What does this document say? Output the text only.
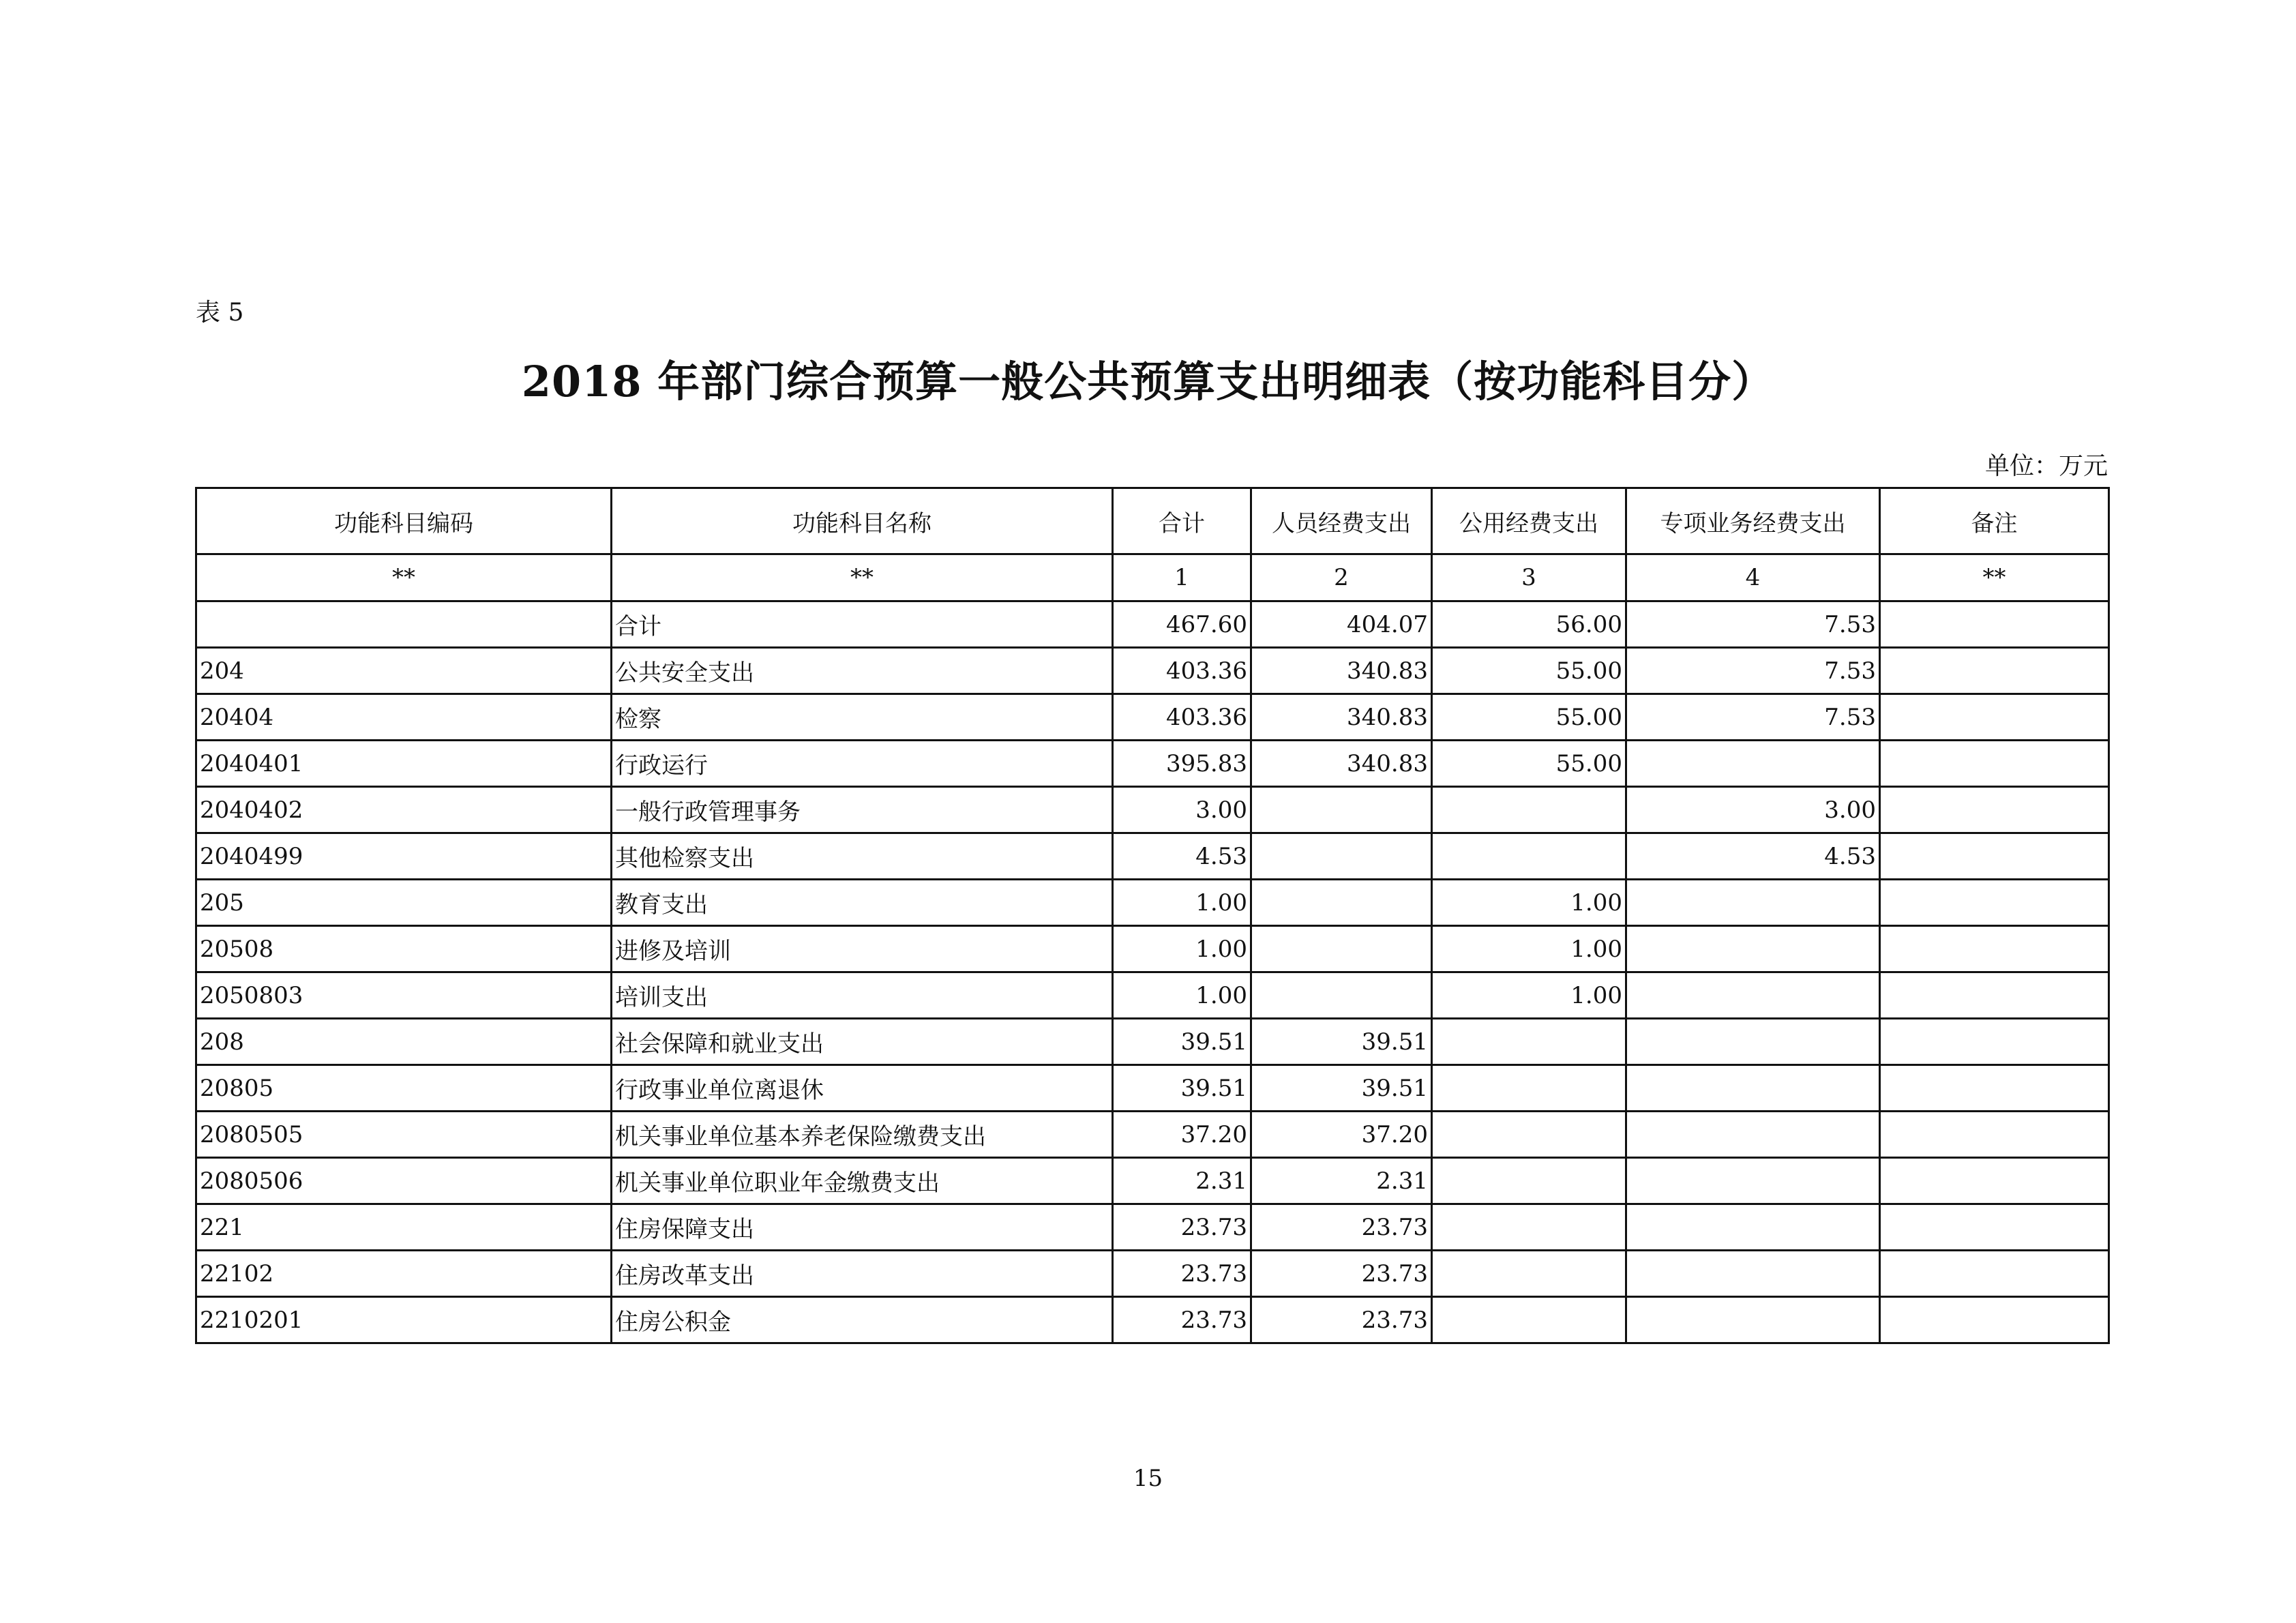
表 5
2018 年部门综合预算一般公共预算支出明细表（按功能科目分）
单位：万元
功能科目编码	功能科目名称	合计	人员经费支出	公用经费支出	专项业务经费支出	备注
**	**	1	2	3	4	**
	合计	467.60	404.07	56.00	7.53	
204	公共安全支出	403.36	340.83	55.00	7.53	
20404	检察	403.36	340.83	55.00	7.53	
2040401	行政运行	395.83	340.83	55.00		
2040402	一般行政管理事务	3.00			3.00	
2040499	其他检察支出	4.53			4.53	
205	教育支出	1.00		1.00		
20508	进修及培训	1.00		1.00		
2050803	培训支出	1.00		1.00		
208	社会保障和就业支出	39.51	39.51			
20805	行政事业单位离退休	39.51	39.51			
2080505	机关事业单位基本养老保险缴费支出	37.20	37.20			
2080506	机关事业单位职业年金缴费支出	2.31	2.31			
221	住房保障支出	23.73	23.73			
22102	住房改革支出	23.73	23.73			
2210201	住房公积金	23.73	23.73			
15
